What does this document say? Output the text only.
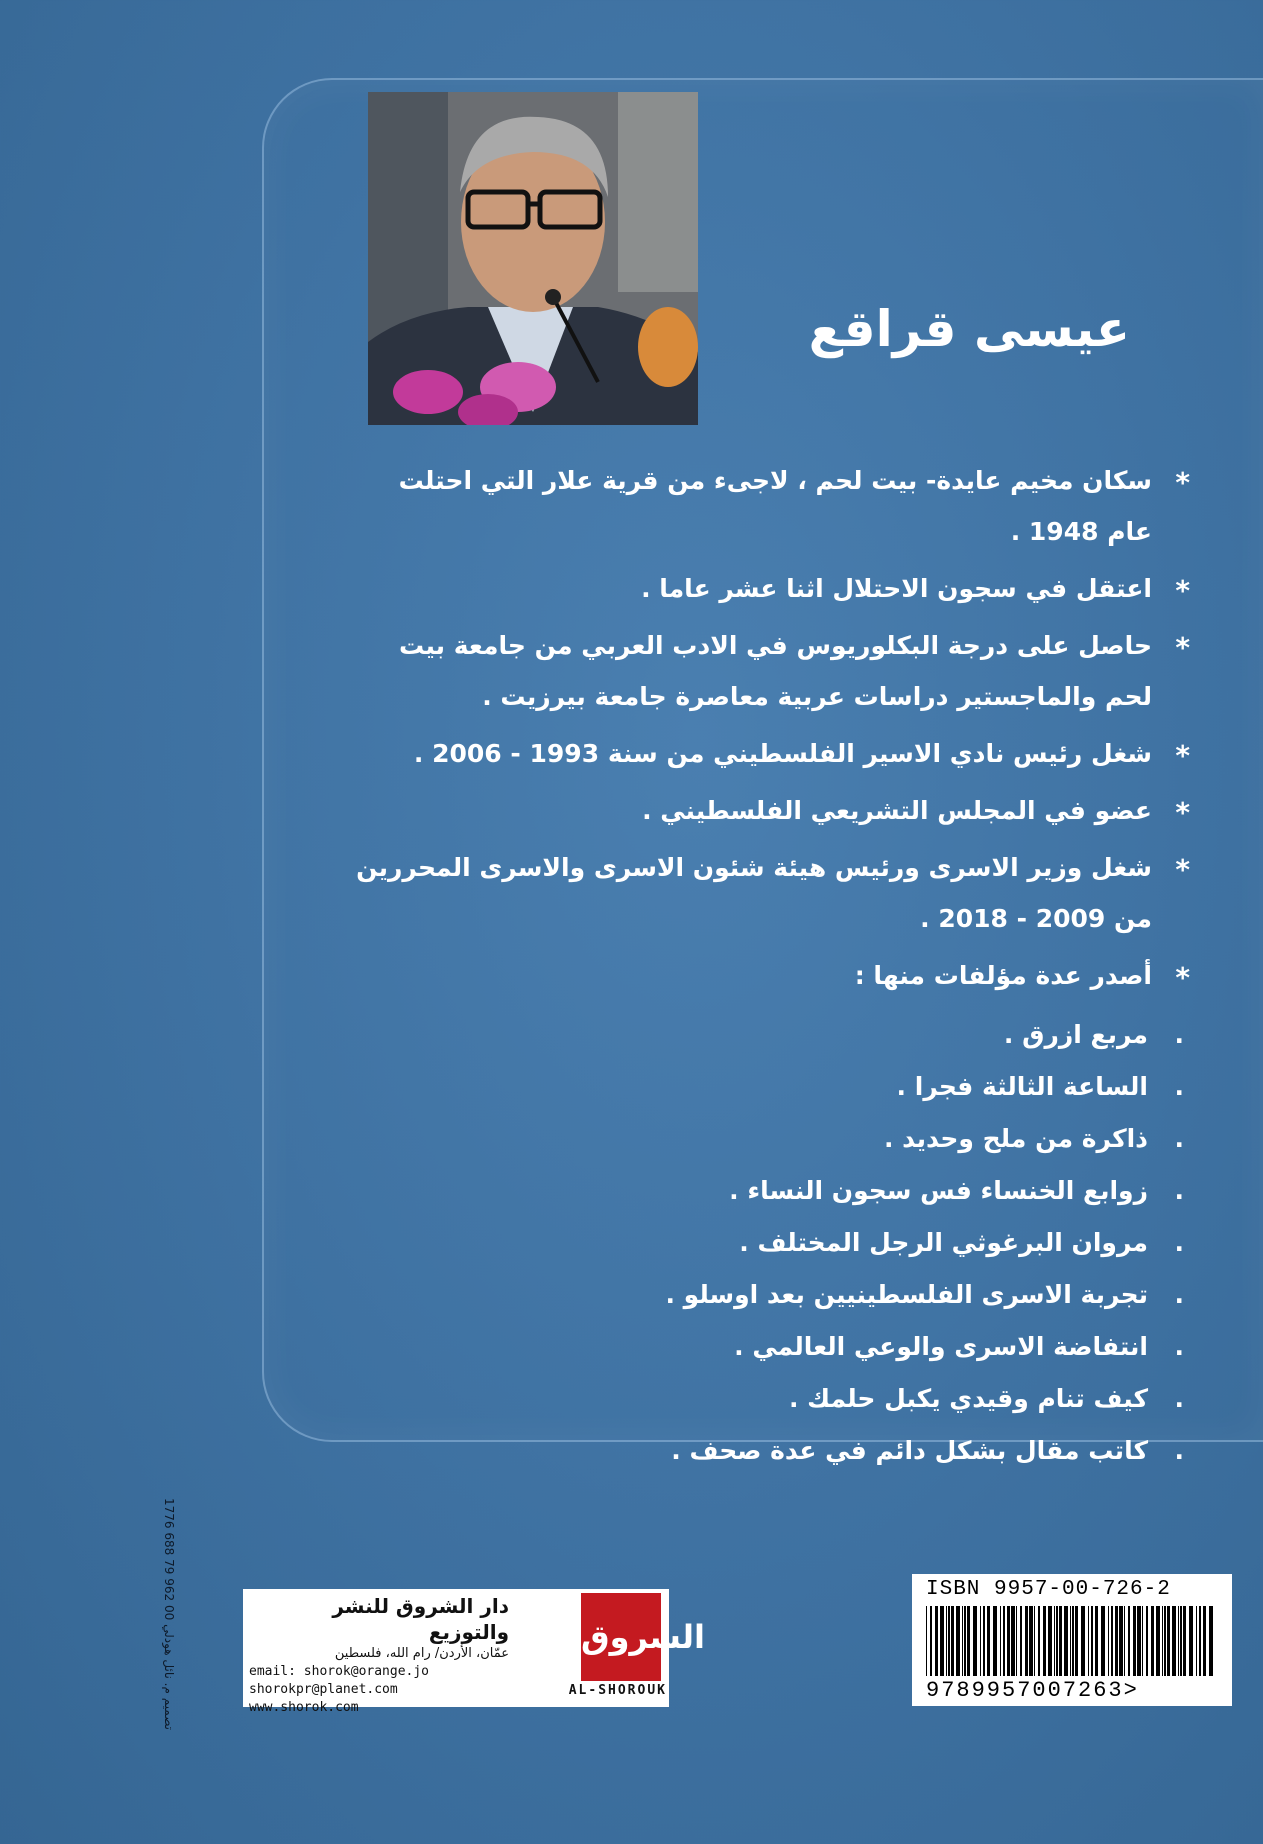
عيسى قراقع
*
سكان مخيم عايدة- بيت لحم ، لاجىء من قرية علار التي احتلت عام 1948 .
*
اعتقل في سجون الاحتلال اثنا عشر عاما .
*
حاصل على درجة البكلوريوس في الادب العربي من جامعة بيت لحم والماجستير دراسات عربية معاصرة جامعة بيرزيت .
*
شغل رئيس نادي الاسير الفلسطيني من سنة 1993 - 2006 .
*
عضو في المجلس التشريعي الفلسطيني .
*
شغل وزير الاسرى ورئيس هيئة شئون الاسرى والاسرى المحررين من 2009 - 2018 .
*
أصدر عدة مؤلفات منها :
.
مربع ازرق .
.
الساعة الثالثة فجرا .
.
ذاكرة من ملح وحديد .
.
زوابع الخنساء فس سجون النساء .
.
مروان البرغوثي الرجل المختلف .
.
تجربة الاسرى الفلسطينيين بعد اوسلو .
.
انتفاضة الاسرى والوعي العالمي .
.
كيف تنام وقيدي يكبل حلمك .
.
كاتب مقال بشكل دائم في عدة صحف .
دار الشروق للنشر والتوزيع
عمّان، الأردن/ رام الله، فلسطين
email: shorok@orange.jo
shorokpr@planet.com
www.shorok.com
الشروق
AL-SHOROUK
ISBN 9957-00-726-2
9789957007263>
تصميم م. نائل هودلي 00 962 79 688 1776
